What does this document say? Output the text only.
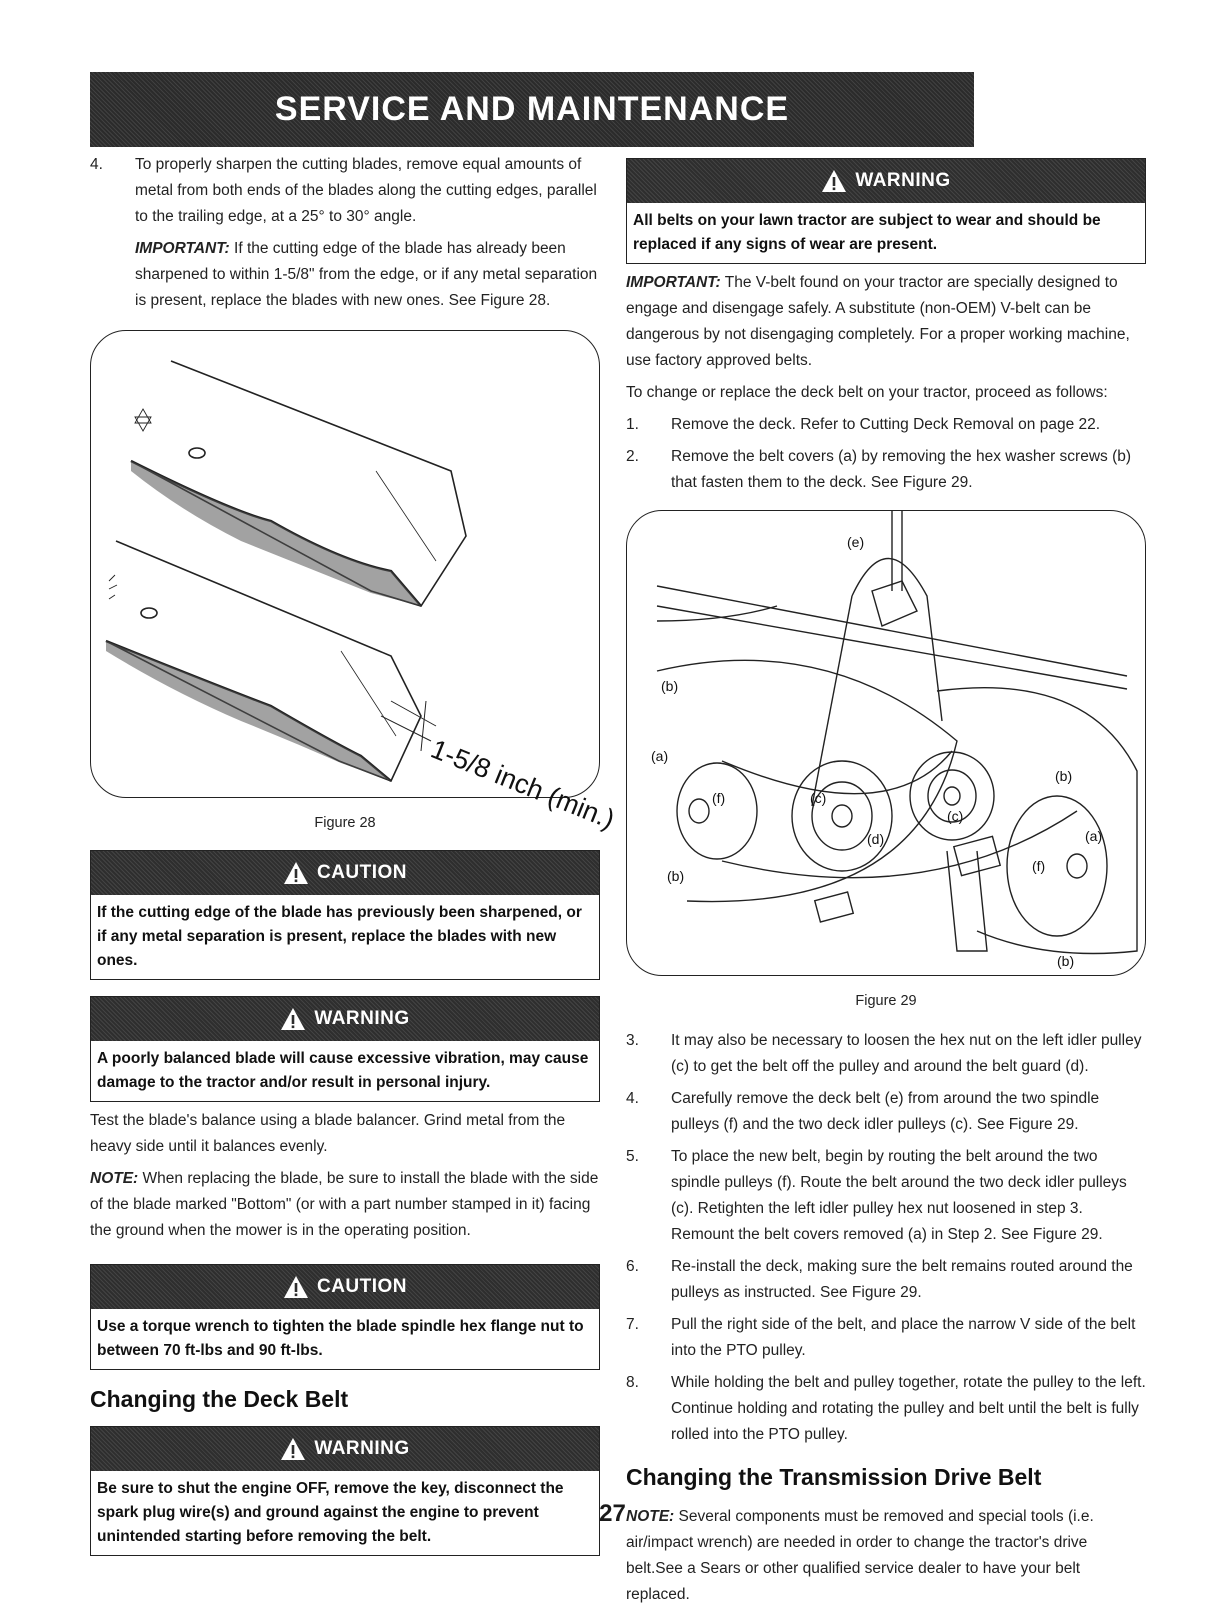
SERVICE AND MAINTENANCE
4. To properly sharpen the cutting blades, remove equal amounts of metal from both ends of the blades along the cutting edges, parallel to the trailing edge, at a 25° to 30° angle.
IMPORTANT: If the cutting edge of the blade has already been sharpened to within 1-5/8" from the edge, or if any metal separation is present, replace the blades with new ones. See Figure 28.
1-5/8 inch (min.)
Figure 28
CAUTION
If the cutting edge of the blade has previously been sharpened, or if any metal separation is present, replace the blades with new ones.
WARNING
A poorly balanced blade will cause excessive vibration, may cause damage to the tractor and/or result in personal injury.
Test the blade's balance using a blade balancer. Grind metal from the heavy side until it balances evenly.
NOTE: When replacing the blade, be sure to install the blade with the side of the blade marked "Bottom" (or with a part number stamped in it) facing the ground when the mower is in the operating position.
CAUTION
Use a torque wrench to tighten the blade spindle hex flange nut to between 70 ft-lbs and 90 ft-lbs.
Changing the Deck Belt
WARNING
Be sure to shut the engine OFF, remove the key, disconnect the spark plug wire(s) and ground against the engine to prevent unintended starting before removing the belt.
WARNING
All belts on your lawn tractor are subject to wear and should be replaced if any signs of wear are present.
IMPORTANT: The V-belt found on your tractor are specially designed to engage and disengage safely. A substitute (non-OEM) V-belt can be dangerous by not disengaging completely. For a proper working machine, use factory approved belts.
To change or replace the deck belt on your tractor, proceed as follows:
1. Remove the deck. Refer to Cutting Deck Removal on page 22.
2. Remove the belt covers (a) by removing the hex washer screws (b) that fasten them to the deck. See Figure 29.
(e)
(b)
(a)
(f)	(c)
(d)
(b)
(c)
(b)
(a)
(f)
(b)
Figure 29
3. It may also be necessary to loosen the hex nut on the left idler pulley (c) to get the belt off the pulley and around the belt guard (d).
4. Carefully remove the deck belt (e) from around the two spindle pulleys (f) and the two deck idler pulleys (c). See Figure 29.
5. To place the new belt, begin by routing the belt around the two spindle pulleys (f). Route the belt around the two deck idler pulleys (c). Retighten the left idler pulley hex nut loosened in step 3. Remount the belt covers removed (a) in Step 2. See Figure 29.
6. Re-install the deck, making sure the belt remains routed around the pulleys as instructed. See Figure 29.
7. Pull the right side of the belt, and place the narrow V side of the belt into the PTO pulley.
8. While holding the belt and pulley together, rotate the pulley to the left. Continue holding and rotating the pulley and belt until the belt is fully rolled into the PTO pulley.
Changing the Transmission Drive Belt
NOTE: Several components must be removed and special tools (i.e. air/impact wrench) are needed in order to change the tractor's drive belt.See a Sears or other qualified service dealer to have your belt replaced.
27
